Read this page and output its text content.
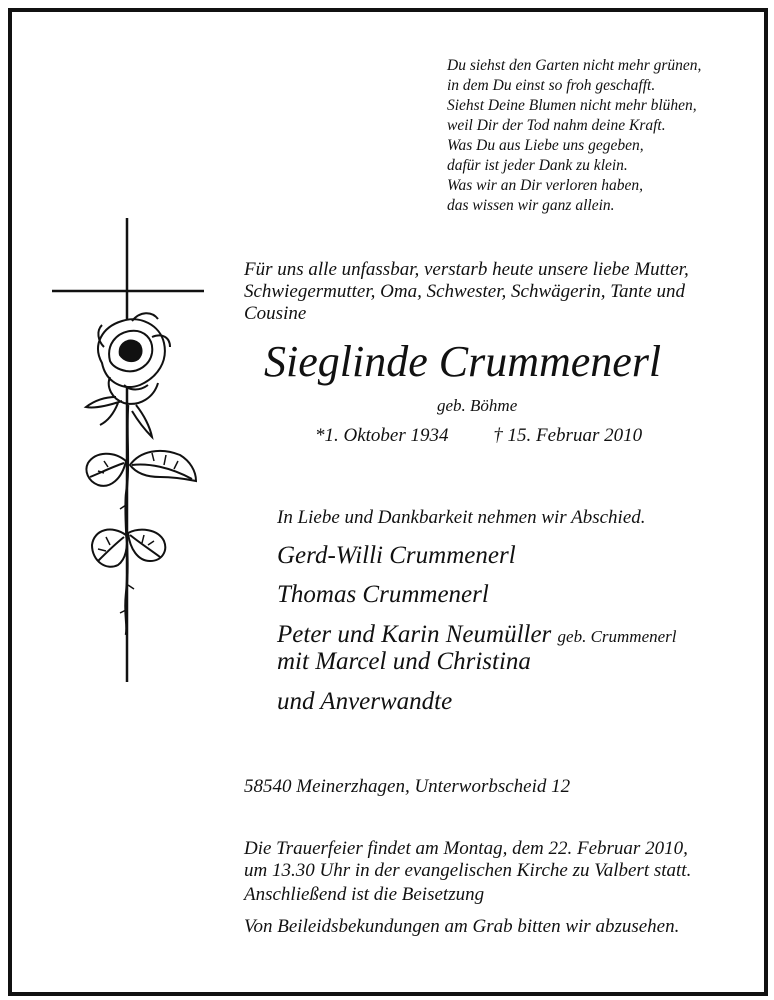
Du siehst den Garten nicht mehr grünen,
in dem Du einst so froh geschafft.
Siehst Deine Blumen nicht mehr blühen,
weil Dir der Tod nahm deine Kraft.
Was Du aus Liebe uns gegeben,
dafür ist jeder Dank zu klein.
Was wir an Dir verloren haben,
das wissen wir ganz allein.
Für uns alle unfassbar, verstarb heute unsere liebe Mutter, Schwiegermutter, Oma, Schwester, Schwägerin, Tante und Cousine
Sieglinde Crummenerl
geb. Böhme
*1. Oktober 1934 † 15. Februar 2010
In Liebe und Dankbarkeit nehmen wir Abschied.
Gerd-Willi Crummenerl
Thomas Crummenerl
Peter und Karin Neumüller geb. Crummenerl
mit Marcel und Christina
und Anverwandte
58540 Meinerzhagen, Unterworbscheid 12
Die Trauerfeier findet am Montag, dem 22. Februar 2010,
um 13.30 Uhr in der evangelischen Kirche zu Valbert statt.
Anschließend ist die Beisetzung
Von Beileidsbekundungen am Grab bitten wir abzusehen.
